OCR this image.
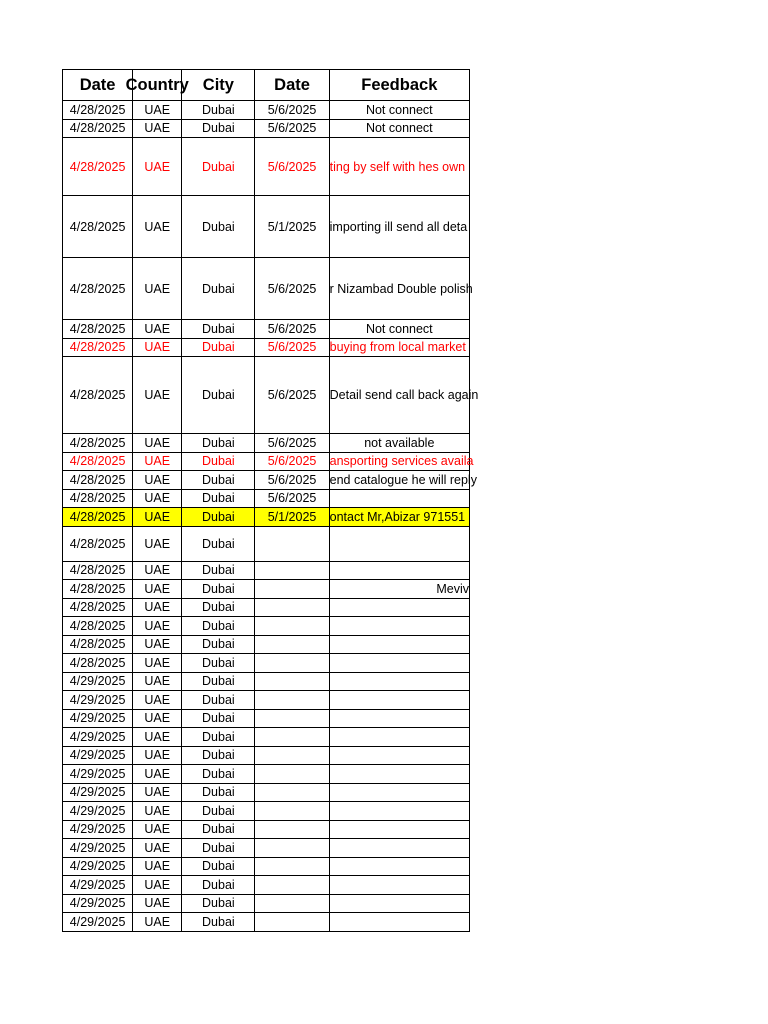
Date	Country	City	Date	Feedback
4/28/2025	UAE	Dubai	5/6/2025	Not connect

4/28/2025	UAE	Dubai	5/6/2025	Not connect

4/28/2025	UAE	Dubai	5/6/2025	ting by self with hes own

4/28/2025	UAE	Dubai	5/1/2025	importing ill send all deta

4/28/2025	UAE	Dubai	5/6/2025	r Nizambad Double polish

4/28/2025	UAE	Dubai	5/6/2025	Not connect

4/28/2025	UAE	Dubai	5/6/2025	buying from local market

4/28/2025	UAE	Dubai	5/6/2025	Detail send call back again

4/28/2025	UAE	Dubai	5/6/2025	not available

4/28/2025	UAE	Dubai	5/6/2025	ansporting services availa

4/28/2025	UAE	Dubai	5/6/2025	end catalogue he will reply

4/28/2025	UAE	Dubai	5/6/2025	

4/28/2025	UAE	Dubai	5/1/2025	ontact Mr,Abizar 971551

4/28/2025	UAE	Dubai		

4/28/2025	UAE	Dubai		

4/28/2025	UAE	Dubai		Meviv

4/28/2025	UAE	Dubai		

4/28/2025	UAE	Dubai		

4/28/2025	UAE	Dubai		

4/28/2025	UAE	Dubai		

4/29/2025	UAE	Dubai		

4/29/2025	UAE	Dubai		

4/29/2025	UAE	Dubai		

4/29/2025	UAE	Dubai		

4/29/2025	UAE	Dubai		

4/29/2025	UAE	Dubai		

4/29/2025	UAE	Dubai		

4/29/2025	UAE	Dubai		

4/29/2025	UAE	Dubai		

4/29/2025	UAE	Dubai		

4/29/2025	UAE	Dubai		

4/29/2025	UAE	Dubai		

4/29/2025	UAE	Dubai		

4/29/2025	UAE	Dubai		
